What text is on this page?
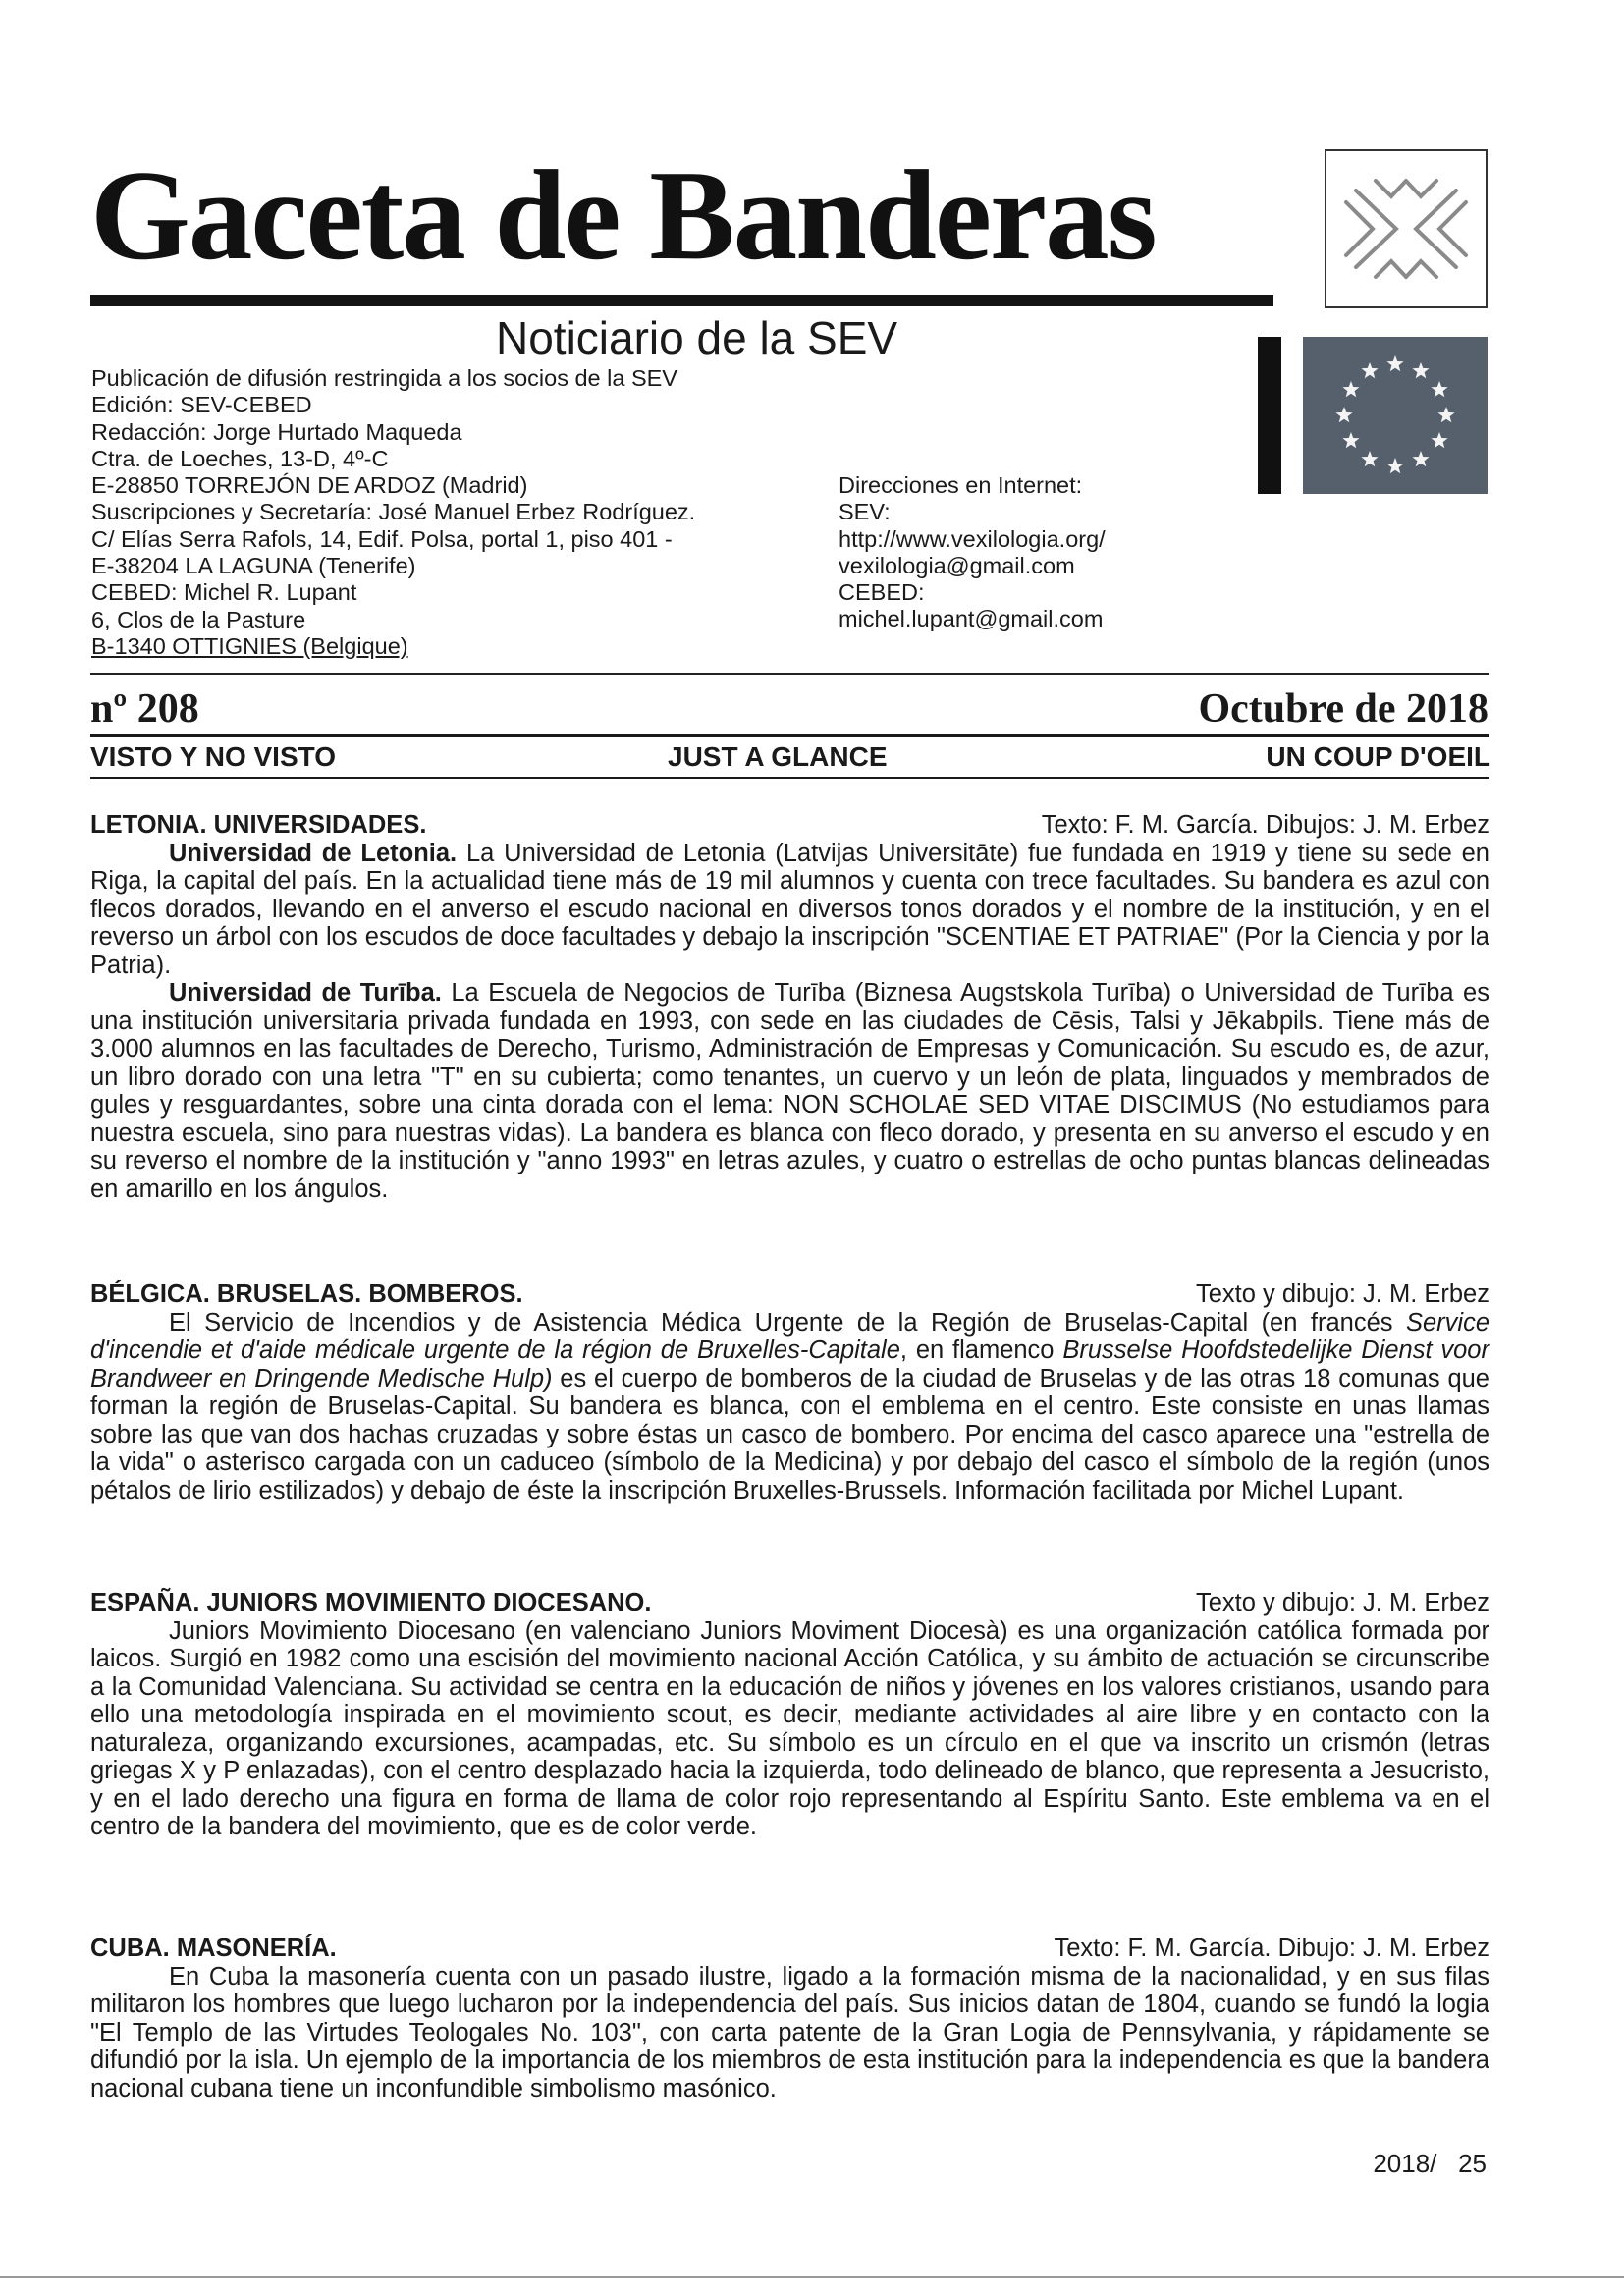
Gaceta de Banderas
Noticiario de la SEV
Publicación de difusión restringida a los socios de la SEV
Edición: SEV-CEBED
Redacción: Jorge Hurtado Maqueda
Ctra. de Loeches, 13-D, 4º-C
E-28850 TORREJÓN DE ARDOZ (Madrid)
Suscripciones y Secretaría: José Manuel Erbez Rodríguez.
C/ Elías Serra Rafols, 14, Edif. Polsa, portal 1, piso 401 -
E-38204 LA LAGUNA (Tenerife)
CEBED: Michel R. Lupant
6, Clos de la Pasture
B-1340 OTTIGNIES (Belgique)
Direcciones en Internet:
SEV:
http://www.vexilologia.org/
vexilologia@gmail.com
CEBED:
michel.lupant@gmail.com
nº 208	Octubre de 2018
VISTO Y NO VISTO	JUST A GLANCE	UN COUP D'OEIL
LETONIA. UNIVERSIDADES.	Texto: F. M. García. Dibujos: J. M. Erbez

Universidad de Letonia. La Universidad de Letonia (Latvijas Universitāte) fue fundada en 1919 y tiene su sede en Riga, la capital del país. En la actualidad tiene más de 19 mil alumnos y cuenta con trece facultades. Su bandera es azul con flecos dorados, llevando en el anverso el escudo nacional en diversos tonos dorados y el nombre de la institución, y en el reverso un árbol con los escudos de doce facultades y debajo la inscripción "SCENTIAE ET PATRIAE" (Por la Ciencia y por la Patria).

Universidad de Turība. La Escuela de Negocios de Turība (Biznesa Augstskola Turība) o Universidad de Turība es una institución universitaria privada fundada en 1993, con sede en las ciudades de Cēsis, Talsi y Jēkabpils. Tiene más de 3.000 alumnos en las facultades de Derecho, Turismo, Administración de Empresas y Comunicación. Su escudo es, de azur, un libro dorado con una letra "T" en su cubierta; como tenantes, un cuervo y un león de plata, linguados y membrados de gules y resguardantes, sobre una cinta dorada con el lema: NON SCHOLAE SED VITAE DISCIMUS (No estudiamos para nuestra escuela, sino para nuestras vidas). La bandera es blanca con fleco dorado, y presenta en su anverso el escudo y en su reverso el nombre de la institución y "anno 1993" en letras azules, y cuatro o estrellas de ocho puntas blancas delineadas en amarillo en los ángulos.

BÉLGICA. BRUSELAS. BOMBEROS.	Texto y dibujo: J. M. Erbez

El Servicio de Incendios y de Asistencia Médica Urgente de la Región de Bruselas-Capital (en francés Service d'incendie et d'aide médicale urgente de la région de Bruxelles-Capitale, en flamenco Brusselse Hoofdstedelijke Dienst voor Brandweer en Dringende Medische Hulp) es el cuerpo de bomberos de la ciudad de Bruselas y de las otras 18 comunas que forman la región de Bruselas-Capital. Su bandera es blanca, con el emblema en el centro. Este consiste en unas llamas sobre las que van dos hachas cruzadas y sobre éstas un casco de bombero. Por encima del casco aparece una "estrella de la vida" o asterisco cargada con un caduceo (símbolo de la Medicina) y por debajo del casco el símbolo de la región (unos pétalos de lirio estilizados) y debajo de éste la inscripción Bruxelles-Brussels. Información facilitada por Michel Lupant.

ESPAÑA. JUNIORS MOVIMIENTO DIOCESANO.	Texto y dibujo: J. M. Erbez

Juniors Movimiento Diocesano (en valenciano Juniors Moviment Diocesà) es una organización católica formada por laicos. Surgió en 1982 como una escisión del movimiento nacional Acción Católica, y su ámbito de actuación se circunscribe a la Comunidad Valenciana. Su actividad se centra en la educación de niños y jóvenes en los valores cristianos, usando para ello una metodología inspirada en el movimiento scout, es decir, mediante actividades al aire libre y en contacto con la naturaleza, organizando excursiones, acampadas, etc. Su símbolo es un círculo en el que va inscrito un crismón (letras griegas X y P enlazadas), con el centro desplazado hacia la izquierda, todo delineado de blanco, que representa a Jesucristo, y en el lado derecho una figura en forma de llama de color rojo representando al Espíritu Santo. Este emblema va en el centro de la bandera del movimiento, que es de color verde.

CUBA. MASONERÍA.	Texto: F. M. García. Dibujo: J. M. Erbez

En Cuba la masonería cuenta con un pasado ilustre, ligado a la formación misma de la nacionalidad, y en sus filas militaron los hombres que luego lucharon por la independencia del país. Sus inicios datan de 1804, cuando se fundó la logia "El Templo de las Virtudes Teologales No. 103", con carta patente de la Gran Logia de Pennsylvania, y rápidamente se difundió por la isla. Un ejemplo de la importancia de los miembros de esta institución para la independencia es que la bandera nacional cubana tiene un inconfundible simbolismo masónico.

2018/   25
